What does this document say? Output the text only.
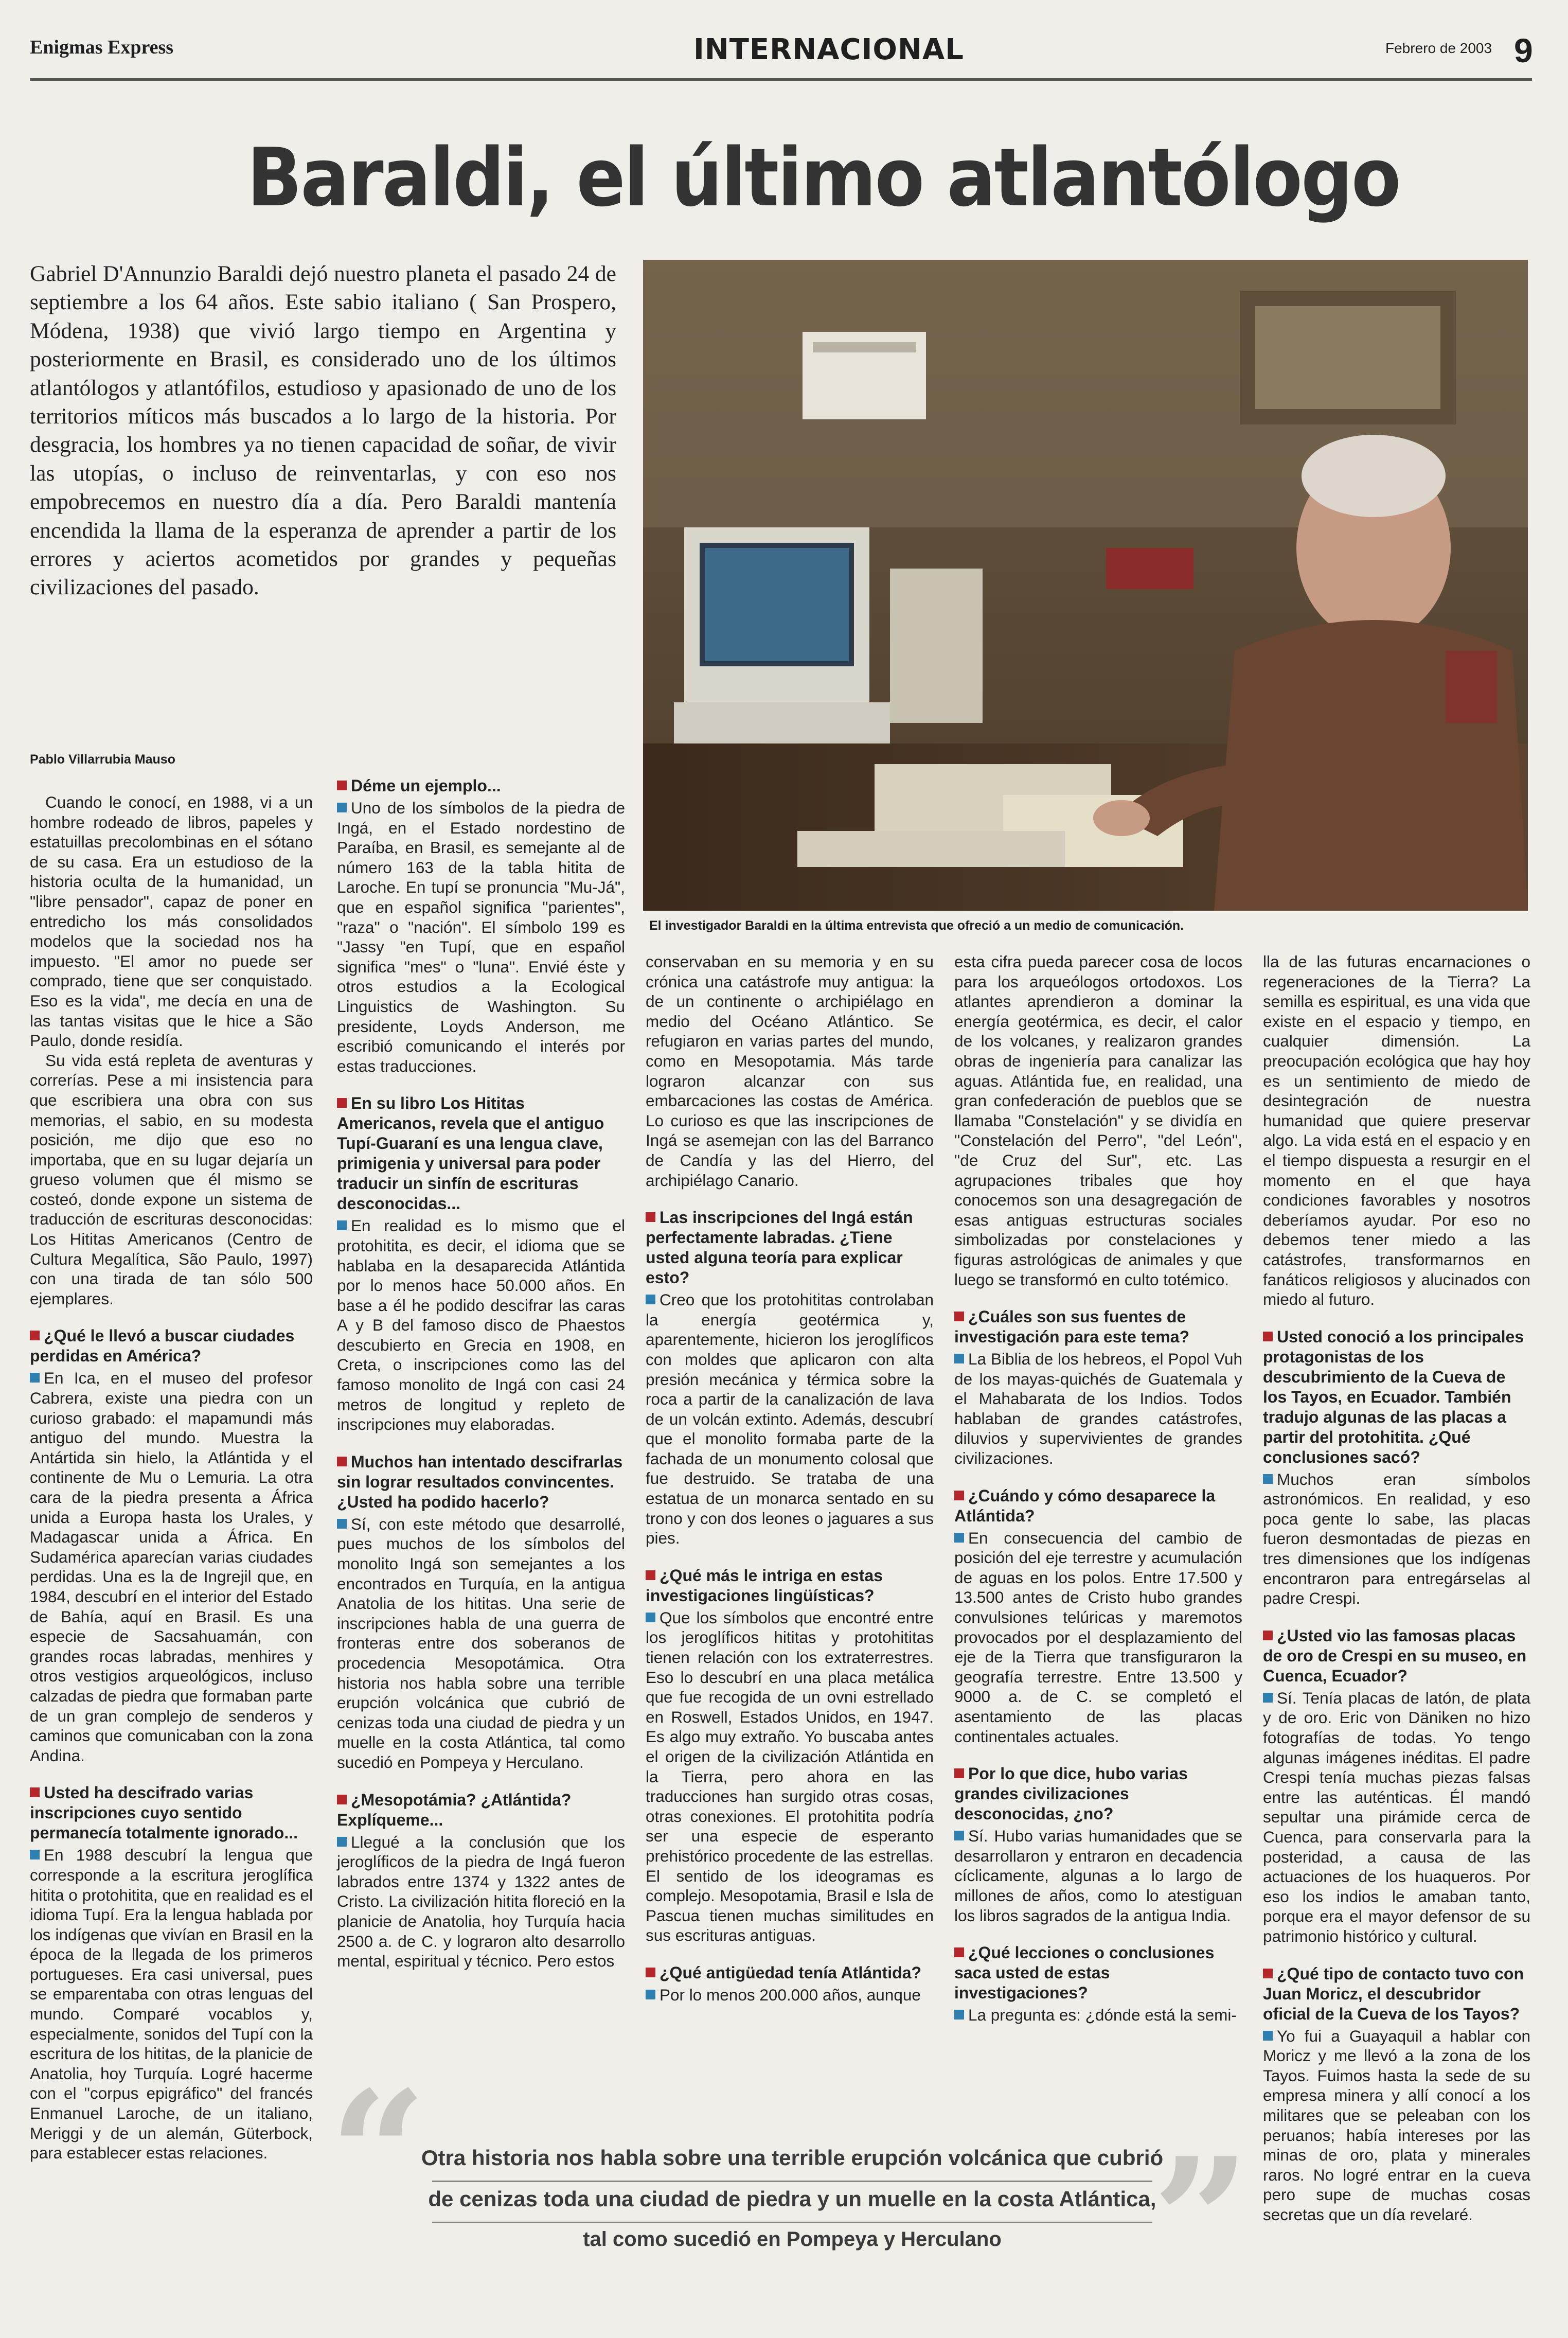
Enigmas Express	INTERNACIONAL	Febrero de 2003 9
Baraldi, el último atlantólogo
Gabriel D'Annunzio Baraldi dejó nuestro planeta el pasado 24 de septiembre a los 64 años. Este sabio italiano ( San Prospero, Módena, 1938) que vivió largo tiempo en Argentina y posteriormente en Brasil, es considerado uno de los últimos atlantólogos y atlantófilos, estudioso y apasionado de uno de los territorios míticos más buscados a lo largo de la historia. Por desgracia, los hombres ya no tienen capacidad de soñar, de vivir las utopías, o incluso de reinventarlas, y con eso nos empobrecemos en nuestro día a día. Pero Baraldi mantenía encendida la llama de la esperanza de aprender a partir de los errores y aciertos acometidos por grandes y pequeñas civilizaciones del pasado.
Pablo Villarrubia Mauso
El investigador Baraldi en la última entrevista que ofreció a un medio de comunicación.

Cuando le conocí, en 1988, vi a un hombre rodeado de libros, papeles y estatuillas precolombinas en el sótano de su casa. Era un estudioso de la historia oculta de la humanidad, un "libre pensador", capaz de poner en entredicho los más consolidados modelos que la sociedad nos ha impuesto. "El amor no puede ser comprado, tiene que ser conquistado. Eso es la vida", me decía en una de las tantas visitas que le hice a São Paulo, donde residía.

Su vida está repleta de aventuras y correrías. Pese a mi insistencia para que escribiera una obra con sus memorias, el sabio, en su modesta posición, me dijo que eso no importaba, que en su lugar dejaría un grueso volumen que él mismo se costeó, donde expone un sistema de traducción de escrituras desconocidas: Los Hititas Americanos (Centro de Cultura Megalítica, São Paulo, 1997) con una tirada de tan sólo 500 ejemplares.

¿Qué le llevó a buscar ciudades perdidas en América?

En Ica, en el museo del profesor Cabrera, existe una piedra con un curioso grabado: el mapamundi más antiguo del mundo. Muestra la Antártida sin hielo, la Atlántida y el continente de Mu o Lemuria. La otra cara de la piedra presenta a África unida a Europa hasta los Urales, y Madagascar unida a África. En Sudamérica aparecían varias ciudades perdidas. Una es la de Ingrejil que, en 1984, descubrí en el interior del Estado de Bahía, aquí en Brasil. Es una especie de Sacsahuamán, con grandes rocas labradas, menhires y otros vestigios arqueológicos, incluso calzadas de piedra que formaban parte de un gran complejo de senderos y caminos que comunicaban con la zona Andina.

Usted ha descifrado varias inscripciones cuyo sentido permanecía totalmente ignorado...

En 1988 descubrí la lengua que corresponde a la escritura jeroglífica hitita o protohitita, que en realidad es el idioma Tupí. Era la lengua hablada por los indígenas que vivían en Brasil en la época de la llegada de los primeros portugueses. Era casi universal, pues se emparentaba con otras lenguas del mundo. Comparé vocablos y, especialmente, sonidos del Tupí con la escritura de los hititas, de la planicie de Anatolia, hoy Turquía. Logré hacerme con el "corpus epigráfico" del francés Enmanuel Laroche, de un italiano, Meriggi y de un alemán, Güterbock, para establecer estas relaciones.

Déme un ejemplo...

Uno de los símbolos de la piedra de Ingá, en el Estado nordestino de Paraíba, en Brasil, es semejante al de número 163 de la tabla hitita de Laroche. En tupí se pronuncia "Mu-Já", que en español significa "parientes", "raza" o "nación". El símbolo 199 es "Jassy "en Tupí, que en español significa "mes" o "luna". Envié éste y otros estudios a la Ecological Linguistics de Washington. Su presidente, Loyds Anderson, me escribió comunicando el interés por estas traducciones.

En su libro Los Hititas Americanos, revela que el antiguo Tupí-Guaraní es una lengua clave, primigenia y universal para poder traducir un sinfín de escrituras desconocidas...

En realidad es lo mismo que el protohitita, es decir, el idioma que se hablaba en la desaparecida Atlántida por lo menos hace 50.000 años. En base a él he podido descifrar las caras A y B del famoso disco de Phaestos descubierto en Grecia en 1908, en Creta, o inscripciones como las del famoso monolito de Ingá con casi 24 metros de longitud y repleto de inscripciones muy elaboradas.

Muchos han intentado descifrarlas sin lograr resultados convincentes. ¿Usted ha podido hacerlo?

Sí, con este método que desarrollé, pues muchos de los símbolos del monolito Ingá son semejantes a los encontrados en Turquía, en la antigua Anatolia de los hititas. Una serie de inscripciones habla de una guerra de fronteras entre dos soberanos de procedencia Mesopotámica. Otra historia nos habla sobre una terrible erupción volcánica que cubrió de cenizas toda una ciudad de piedra y un muelle en la costa Atlántica, tal como sucedió en Pompeya y Herculano.

¿Mesopotámia? ¿Atlántida? Explíqueme...

Llegué a la conclusión que los jeroglíficos de la piedra de Ingá fueron labrados entre 1374 y 1322 antes de Cristo. La civilización hitita floreció en la planicie de Anatolia, hoy Turquía hacia 2500 a. de C. y lograron alto desarrollo mental, espiritual y técnico. Pero estos

conservaban en su memoria y en su crónica una catástrofe muy antigua: la de un continente o archipiélago en medio del Océano Atlántico. Se refugiaron en varias partes del mundo, como en Mesopotamia. Más tarde lograron alcanzar con sus embarcaciones las costas de América. Lo curioso es que las inscripciones de Ingá se asemejan con las del Barranco de Candía y las del Hierro, del archipiélago Canario.

Las inscripciones del Ingá están perfectamente labradas. ¿Tiene usted alguna teoría para explicar esto?

Creo que los protohititas controlaban la energía geotérmica y, aparentemente, hicieron los jeroglíficos con moldes que aplicaron con alta presión mecánica y térmica sobre la roca a partir de la canalización de lava de un volcán extinto. Además, descubrí que el monolito formaba parte de la fachada de un monumento colosal que fue destruido. Se trataba de una estatua de un monarca sentado en su trono y con dos leones o jaguares a sus pies.

¿Qué más le intriga en estas investigaciones lingüísticas?

Que los símbolos que encontré entre los jeroglíficos hititas y protohititas tienen relación con los extraterrestres. Eso lo descubrí en una placa metálica que fue recogida de un ovni estrellado en Roswell, Estados Unidos, en 1947. Es algo muy extraño. Yo buscaba antes el origen de la civilización Atlántida en la Tierra, pero ahora en las traducciones han surgido otras cosas, otras conexiones. El protohitita podría ser una especie de esperanto prehistórico procedente de las estrellas. El sentido de los ideogramas es complejo. Mesopotamia, Brasil e Isla de Pascua tienen muchas similitudes en sus escrituras antiguas.

¿Qué antigüedad tenía Atlántida?

Por lo menos 200.000 años, aunque

esta cifra pueda parecer cosa de locos para los arqueólogos ortodoxos. Los atlantes aprendieron a dominar la energía geotérmica, es decir, el calor de los volcanes, y realizaron grandes obras de ingeniería para canalizar las aguas. Atlántida fue, en realidad, una gran confederación de pueblos que se llamaba "Constelación" y se dividía en "Constelación del Perro", "del León", "de Cruz del Sur", etc. Las agrupaciones tribales que hoy conocemos son una desagregación de esas antiguas estructuras sociales simbolizadas por constelaciones y figuras astrológicas de animales y que luego se transformó en culto totémico.

¿Cuáles son sus fuentes de investigación para este tema?

La Biblia de los hebreos, el Popol Vuh de los mayas-quichés de Guatemala y el Mahabarata de los Indios. Todos hablaban de grandes catástrofes, diluvios y supervivientes de grandes civilizaciones.

¿Cuándo y cómo desaparece la Atlántida?

En consecuencia del cambio de posición del eje terrestre y acumulación de aguas en los polos. Entre 17.500 y 13.500 antes de Cristo hubo grandes convulsiones telúricas y maremotos provocados por el desplazamiento del eje de la Tierra que transfiguraron la geografía terrestre. Entre 13.500 y 9000 a. de C. se completó el asentamiento de las placas continentales actuales.

Por lo que dice, hubo varias grandes civilizaciones desconocidas, ¿no?

Sí. Hubo varias humanidades que se desarrollaron y entraron en decadencia cíclicamente, algunas a lo largo de millones de años, como lo atestiguan los libros sagrados de la antigua India.

¿Qué lecciones o conclusiones saca usted de estas investigaciones?

La pregunta es: ¿dónde está la semi-

lla de las futuras encarnaciones o regeneraciones de la Tierra? La semilla es espiritual, es una vida que existe en el espacio y tiempo, en cualquier dimensión. La preocupación ecológica que hay hoy es un sentimiento de miedo de desintegración de nuestra humanidad que quiere preservar algo. La vida está en el espacio y en el tiempo dispuesta a resurgir en el momento en el que haya condiciones favorables y nosotros deberíamos ayudar. Por eso no debemos tener miedo a las catástrofes, transformarnos en fanáticos religiosos y alucinados con miedo al futuro.

Usted conoció a los principales protagonistas de los descubrimiento de la Cueva de los Tayos, en Ecuador. También tradujo algunas de las placas a partir del protohitita. ¿Qué conclusiones sacó?

Muchos eran símbolos astronómicos. En realidad, y eso poca gente lo sabe, las placas fueron desmontadas de piezas en tres dimensiones que los indígenas encontraron para entregárselas al padre Crespi.

¿Usted vio las famosas placas de oro de Crespi en su museo, en Cuenca, Ecuador?

Sí. Tenía placas de latón, de plata y de oro. Eric von Däniken no hizo fotografías de todas. Yo tengo algunas imágenes inéditas. El padre Crespi tenía muchas piezas falsas entre las auténticas. Él mandó sepultar una pirámide cerca de Cuenca, para conservarla para la posteridad, a causa de las actuaciones de los huaqueros. Por eso los indios le amaban tanto, porque era el mayor defensor de su patrimonio histórico y cultural.

¿Qué tipo de contacto tuvo con Juan Moricz, el descubridor oficial de la Cueva de los Tayos?

Yo fui a Guayaquil a hablar con Moricz y me llevó a la zona de los Tayos. Fuimos hasta la sede de su empresa minera y allí conocí a los militares que se peleaban con los peruanos; había intereses por las minas de oro, plata y minerales raros. No logré entrar en la cueva pero supe de muchas cosas secretas que un día revelaré.

“	”
Otra historia nos habla sobre una terrible erupción volcánica que cubrió
de cenizas toda una ciudad de piedra y un muelle en la costa Atlántica,
tal como sucedió en Pompeya y Herculano
